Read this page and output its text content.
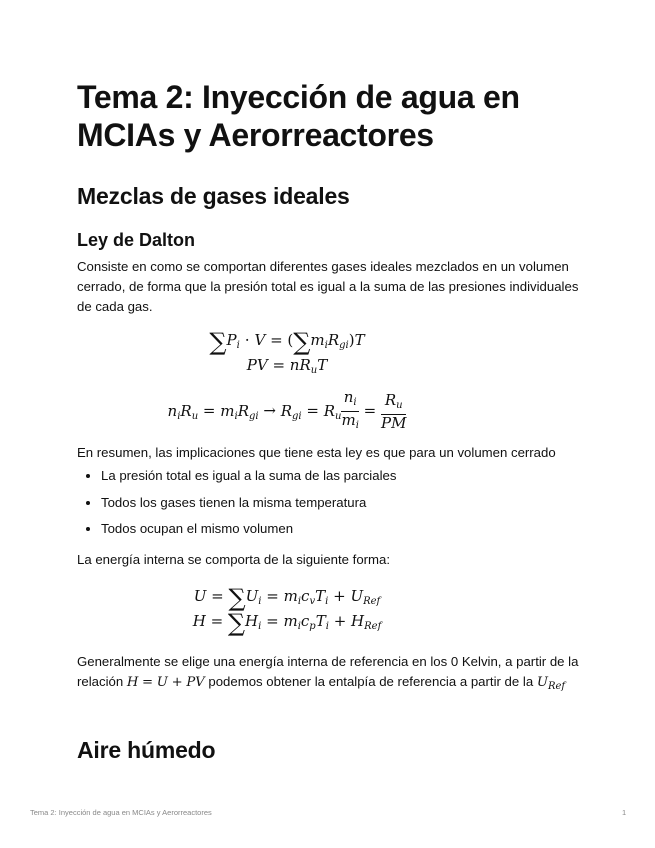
Tema 2: Inyección de agua en MCIAs y Aerorreactores
Mezclas de gases ideales
Ley de Dalton

Consiste en como se comportan diferentes gases ideales mezclados en un volumen cerrado, de forma que la presión total es igual a la suma de las presiones individuales de cada gas.

$\sum P_i \cdot V = (\sum m_iR_{gi})T$
PV = $nR_uT$
$n_iR_u = m_iR_{gi} \to R_{gi} = R_u \frac{n_i}{m_i} = \frac{R_u}{PM}$

En resumen, las implicaciones que tiene esta ley es que para un volumen cerrado

• La presión total es igual a la suma de las parciales
• Todos los gases tienen la misma temperatura
• Todos ocupan el mismo volumen

La energía interna se comporta de la siguiente forma:

$U = \sum U_i = m_ic_vT_i + U_{Ref}$
$H = \sum H_i = m_ic_pT_i + H_{Ref}$

Generalmente se elige una energía interna de referencia en los 0 Kelvin, a partir de la relación H = U + PV podemos obtener la entalpía de referencia a partir de la $U_{Ref}$

Aire húmedo
Tema 2: Inyección de agua en MCIAs y Aerorreactores	1
